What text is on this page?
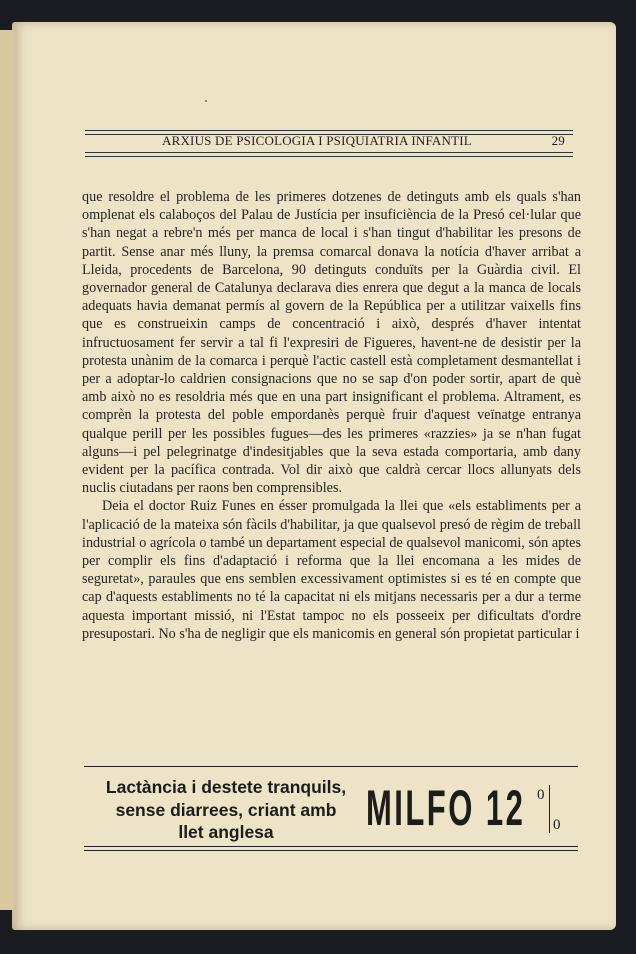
ARXIUS DE PSICOLOGIA I PSIQUIATRIA INFANTIL	29

que resoldre el problema de les primeres dotzenes de detinguts amb els quals s'han omplenat els calaboços del Palau de Justícia per insuficiència de la Presó cel·lular que s'han negat a rebre'n més per manca de local i s'han tingut d'habilitar les presons de partit. Sense anar més lluny, la premsa comarcal donava la notícia d'haver arribat a Lleida, procedents de Barcelona, 90 detinguts conduïts per la Guàrdia civil. El governador general de Catalunya declarava dies enrera que degut a la manca de locals adequats havia demanat permís al govern de la República per a utilitzar vaixells fins que es construeixin camps de concentració i això, després d'haver intentat infructuosament fer servir a tal fi l'expresiri de Figueres, havent-ne de desistir per la protesta unànim de la comarca i perquè l'actic castell està completament desmantellat i per a adoptar-lo caldrien consignacions que no se sap d'on poder sortir, apart de què amb això no es resoldria més que en una part insignificant el problema. Altrament, es comprèn la protesta del poble empordanès perquè fruir d'aquest veïnatge entranya qualque perill per les possibles fugues—des les primeres «razzies» ja se n'han fugat alguns—i pel pelegrinatge d'indesitjables que la seva estada comportaria, amb dany evident per la pacífica contrada. Vol dir això que caldrà cercar llocs allunyats dels nuclis ciutadans per raons ben comprensibles.

Deia el doctor Ruiz Funes en ésser promulgada la llei que «els establiments per a l'aplicació de la mateixa són fàcils d'habilitar, ja que qualsevol presó de règim de treball industrial o agrícola o també un departament especial de qualsevol manicomi, són aptes per complir els fins d'adaptació i reforma que la llei encomana a les mides de seguretat», paraules que ens semblen excessivament optimistes si es té en compte que cap d'aquests establiments no té la capacitat ni els mitjans necessaris per a dur a terme aquesta important missió, ni l'Estat tampoc no els posseeix per dificultats d'ordre presupostari. No s'ha de negligir que els manicomis en general són propietat particular i

Lactància i destete tranquils,
sense diarrees, criant amb
llet anglesa	MILFO 12 0
0
